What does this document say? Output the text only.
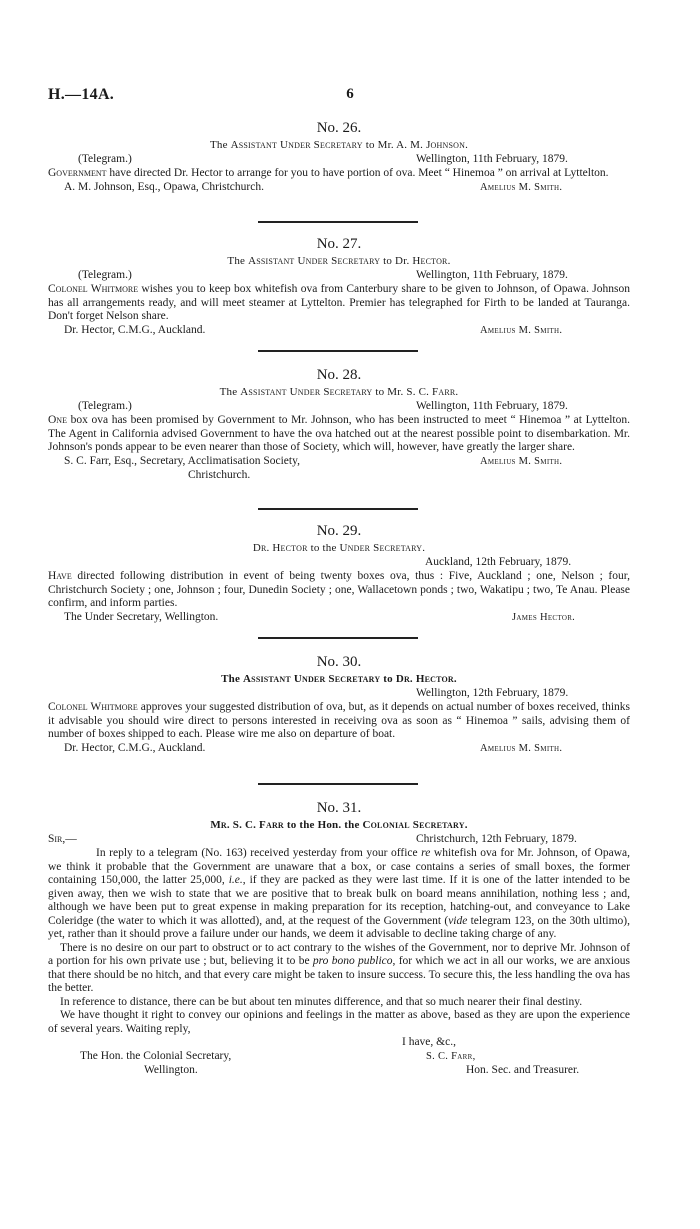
H.—14A.	6
No. 26.
The Assistant Under Secretary to Mr. A. M. Johnson.
(Telegram.)	Wellington, 11th February, 1879.

Government have directed Dr. Hector to arrange for you to have portion of ova. Meet “ Hinemoa ” on arrival at Lyttelton.

A. M. Johnson, Esq., Opawa, Christchurch.	Amelius M. Smith.
No. 27.
The Assistant Under Secretary to Dr. Hector.
(Telegram.)	Wellington, 11th February, 1879.

Colonel Whitmore wishes you to keep box whitefish ova from Canterbury share to be given to Johnson, of Opawa. Johnson has all arrangements ready, and will meet steamer at Lyttelton. Premier has telegraphed for Firth to be landed at Tauranga. Don't forget Nelson share.

Dr. Hector, C.M.G., Auckland.	Amelius M. Smith.
No. 28.
The Assistant Under Secretary to Mr. S. C. Farr.
(Telegram.)	Wellington, 11th February, 1879.

One box ova has been promised by Government to Mr. Johnson, who has been instructed to meet “ Hinemoa ” at Lyttelton. The Agent in California advised Government to have the ova hatched out at the nearest possible point to disembarkation. Mr. Johnson's ponds appear to be even nearer than those of Society, which will, however, have greatly the larger share.

S. C. Farr, Esq., Secretary, Acclimatisation Society,	Amelius M. Smith.
Christchurch.
No. 29.
Dr. Hector to the Under Secretary.
Auckland, 12th February, 1879.

Have directed following distribution in event of being twenty boxes ova, thus : Five, Auckland ; one, Nelson ; four, Christchurch Society ; one, Johnson ; four, Dunedin Society ; one, Wallacetown ponds ; two, Wakatipu ; two, Te Anau. Please confirm, and inform parties.

The Under Secretary, Wellington.	James Hector.
No. 30.
The Assistant Under Secretary to Dr. Hector.
Wellington, 12th February, 1879.

Colonel Whitmore approves your suggested distribution of ova, but, as it depends on actual number of boxes received, thinks it advisable you should wire direct to persons interested in receiving ova as soon as “ Hinemoa ” sails, advising them of number of boxes shipped to each. Please wire me also on departure of boat.

Dr. Hector, C.M.G., Auckland.	Amelius M. Smith.
No. 31.
Mr. S. C. Farr to the Hon. the Colonial Secretary.
Sir,—	Christchurch, 12th February, 1879.

In reply to a telegram (No. 163) received yesterday from your office re whitefish ova for Mr. Johnson, of Opawa, we think it probable that the Government are unaware that a box, or case contains a series of small boxes, the former containing 150,000, the latter 25,000, i.e., if they are packed as they were last time. If it is one of the latter intended to be given away, then we wish to state that we are positive that to break bulk on board means annihilation, nothing less ; and, although we have been put to great expense in making preparation for its reception, hatching-out, and conveyance to Lake Coleridge (the water to which it was allotted), and, at the request of the Government (vide telegram 123, on the 30th ultimo), yet, rather than it should prove a failure under our hands, we deem it advisable to decline taking charge of any.

There is no desire on our part to obstruct or to act contrary to the wishes of the Government, nor to deprive Mr. Johnson of a portion for his own private use ; but, believing it to be pro bono publico, for which we act in all our works, we are anxious that there should be no hitch, and that every care might be taken to insure success. To secure this, the less handling the ova has the better.

In reference to distance, there can be but about ten minutes difference, and that so much nearer their final destiny.

We have thought it right to convey our opinions and feelings in the matter as above, based as they are upon the experience of several years. Waiting reply,

I have, &c.,
The Hon. the Colonial Secretary,	S. C. Farr,
Wellington.	Hon. Sec. and Treasurer.
